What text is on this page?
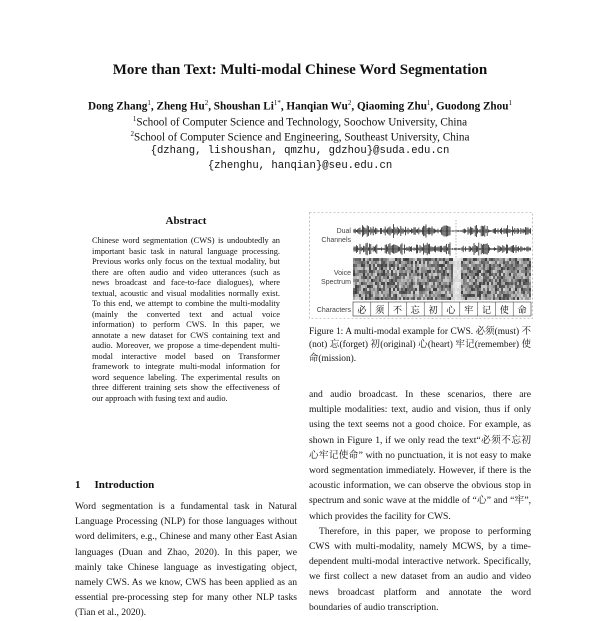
More than Text: Multi-modal Chinese Word Segmentation
Dong Zhang$^1$, Zheng Hu$^2$, Shoushan $Li^{1*}$, Hanqian Wu$^2$, Qiaoming Zhu$^1$, Guodong Zhou$^1$
$^1$School of Computer Science and Technology, Soochow University, China
$^2$School of Computer Science and Engineering, Southeast University, China
{dzhang, lishoushan, qmzhu, gdzhou}@suda.edu.cn
{zhenghu, hanqian}@seu.edu.cn
Abstract
Chinese word segmentation (CWS) is undoubtedly an important basic task in natural language processing. Previous works only focus on the textual modality, but there are often audio and video utterances (such as news broadcast and face-to-face dialogues), where textual, acoustic and visual modalities normally exist. To this end, we attempt to combine the multi-modality (mainly the converted text and actual voice information) to perform CWS. In this paper, we annotate a new dataset for CWS containing text and audio. Moreover, we propose a time-dependent multi-modal interactive model based on Transformer framework to integrate multi-modal information for word sequence labeling. The experimental results on three different training sets show the effectiveness of our approach with fusing text and audio.
1 Introduction
Word segmentation is a fundamental task in Natural Language Processing (NLP) for those languages without word delimiters, e.g., Chinese and many other East Asian languages (Duan and Zhao, 2020). In this paper, we mainly take Chinese language as investigating object, namely CWS. As we know, CWS has been applied as an essential pre-processing step for many other NLP tasks (Tian et al., 2020).
Dual
Channels
Voice
Spectrum
必 须 不 忘 初 心 牢 记 使 命
Characters
Figure 1: A multi-modal example for CWS. 必须(must) 不(not) 忘(forget) 初(original) 心(heart) 牢记(remember) 使命(mission).

and audio broadcast. In these scenarios, there are multiple modalities: text, audio and vision, thus if only using the text seems not a good choice. For example, as shown in Figure 1, if we only read the text“必须不忘初心牢记使命” with no punctuation, it is not easy to make word segmentation immediately. However, if there is the acoustic information, we can observe the obvious stop in spectrum and sonic wave at the middle of “心” and “牢”, which provides the facility for CWS.

Therefore, in this paper, we propose to performing CWS with multi-modality, namely MCWS, by a time-dependent multi-modal interactive network. Specifically, we first collect a new dataset from an audio and video news broadcast platform and annotate the word boundaries of audio transcription.
